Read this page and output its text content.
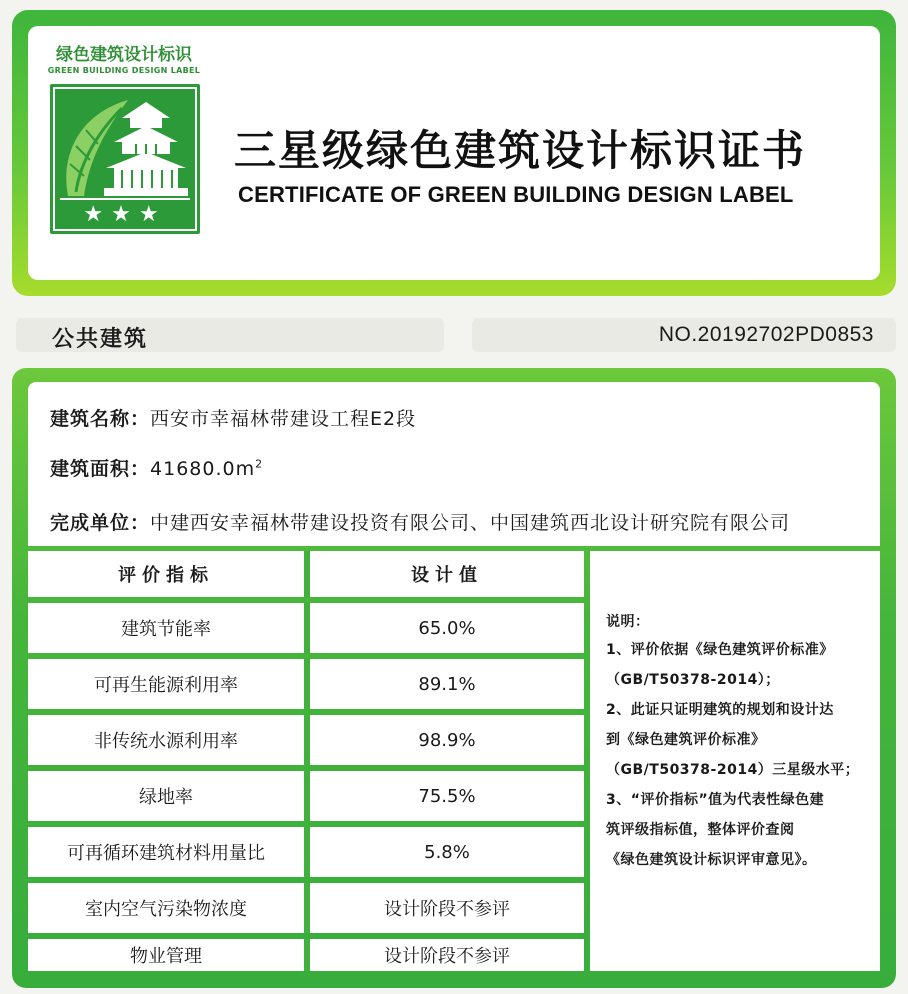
绿色建筑设计标识
GREEN BUILDING DESIGN LABEL
★★★
三星级绿色建筑设计标识证书
CERTIFICATE OF GREEN BUILDING DESIGN LABEL
公共建筑	NO.20192702PD0853
建筑名称：西安市幸福林带建设工程E2段
建筑面积：$41680.0m^2$
完成单位：中建西安幸福林带建设投资有限公司、中国建筑西北设计研究院有限公司
评价指标	设计值
建筑节能率	65.0%
可再生能源利用率	89.1%
非传统水源利用率	98.9%
绿地率	75.5%
可再循环建筑材料用量比	5.8%
室内空气污染物浓度	设计阶段不参评
物业管理	设计阶段不参评
说明：
1、评价依据《绿色建筑评价标准》
（GB/T50378-2014）；
2、此证只证明建筑的规划和设计达
到《绿色建筑评价标准》
（GB/T50378-2014）三星级水平；
3、“评价指标”值为代表性绿色建
筑评级指标值，整体评价查阅
《绿色建筑设计标识评审意见》。
